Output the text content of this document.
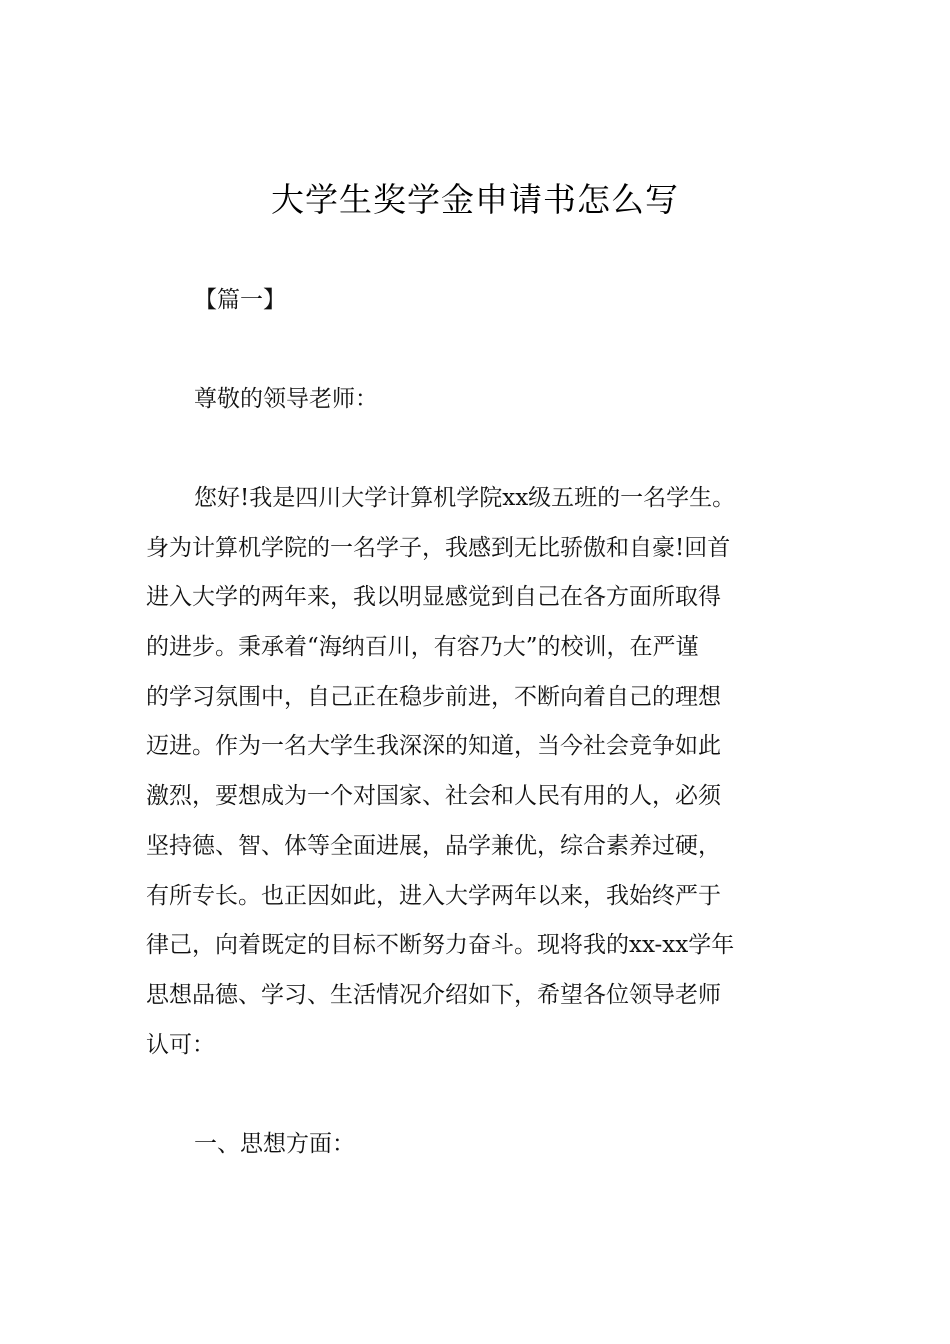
大学生奖学金申请书怎么写
【篇一】
尊敬的领导老师：
您好!我是四川大学计算机学院xx级五班的一名学生。
身为计算机学院的一名学子，我感到无比骄傲和自豪!回首
进入大学的两年来，我以明显感觉到自己在各方面所取得
的进步。秉承着“海纳百川，有容乃大”的校训，在严谨
的学习氛围中，自己正在稳步前进，不断向着自己的理想
迈进。作为一名大学生我深深的知道，当今社会竞争如此
激烈，要想成为一个对国家、社会和人民有用的人，必须
坚持德、智、体等全面进展，品学兼优，综合素养过硬，
有所专长。也正因如此，进入大学两年以来，我始终严于
律己，向着既定的目标不断努力奋斗。现将我的xx-xx学年
思想品德、学习、生活情况介绍如下，希望各位领导老师
认可：
一、思想方面：
